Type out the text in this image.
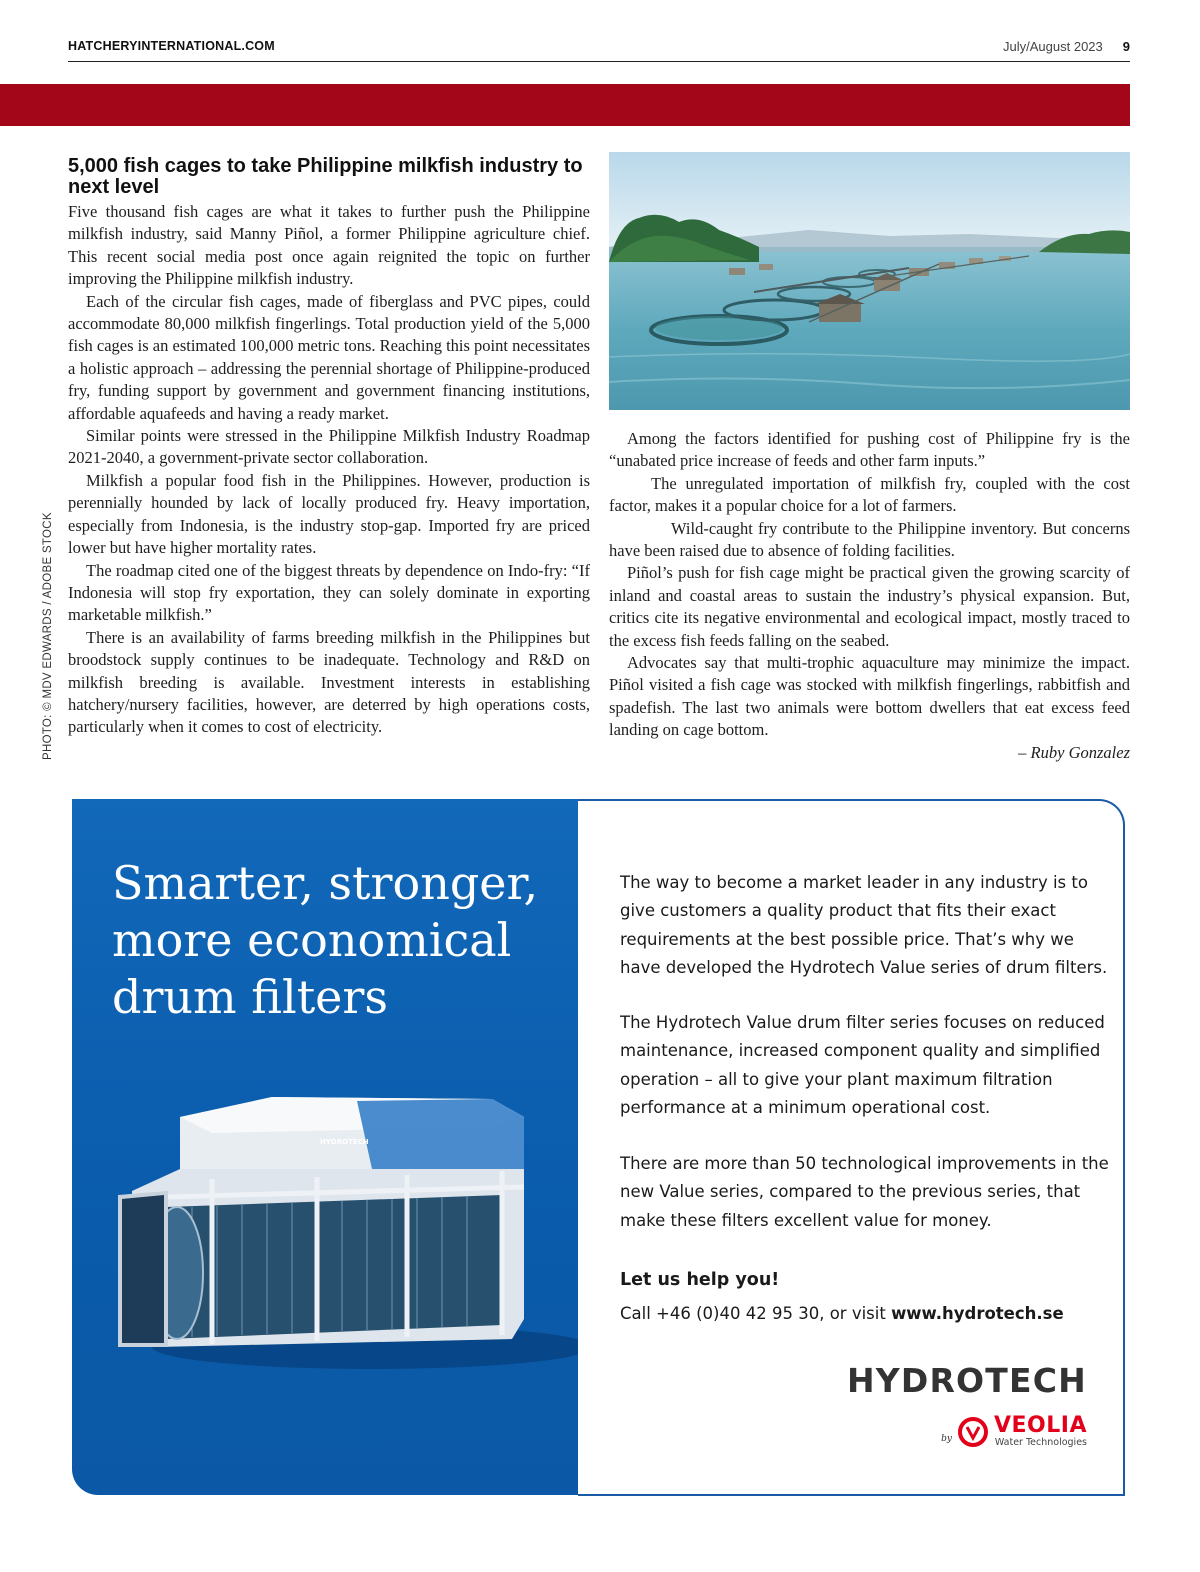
HATCHERYINTERNATIONAL.COM	July/August 2023 9
PHOTO: © MDV EDWARDS / ADOBE STOCK
5,000 fish cages to take Philippine milkfish industry to next level

Five thousand fish cages are what it takes to further push the Philippine milkfish industry, said Manny Piñol, a former Philippine agriculture chief. This recent social media post once again reignited the topic on further improving the Philippine milkfish industry.

Each of the circular fish cages, made of fiberglass and PVC pipes, could accommodate 80,000 milkfish fingerlings. Total production yield of the 5,000 fish cages is an estimated 100,000 metric tons. Reaching this point necessitates a holistic approach – addressing the perennial shortage of Philippine-produced fry, funding support by government and government financing institutions, affordable aquafeeds and having a ready market.

Similar points were stressed in the Philippine Milkfish Industry Roadmap 2021-2040, a government-private sector collaboration.

Milkfish a popular food fish in the Philippines. However, production is perennially hounded by lack of locally produced fry. Heavy importation, especially from Indonesia, is the industry stop-gap. Imported fry are priced lower but have higher mortality rates.

The roadmap cited one of the biggest threats by dependence on Indo-fry: “If Indonesia will stop fry exportation, they can solely dominate in exporting marketable milkfish.”

There is an availability of farms breeding milkfish in the Philippines but broodstock supply continues to be inadequate. Technology and R&D on milkfish breeding is available. Investment interests in establishing hatchery/nursery facilities, however, are deterred by high operations costs, particularly when it comes to cost of electricity.

Among the factors identified for pushing cost of Philippine fry is the “unabated price increase of feeds and other farm inputs.”

The unregulated importation of milkfish fry, coupled with the cost factor, makes it a popular choice for a lot of farmers.

Wild-caught fry contribute to the Philippine inventory. But concerns have been raised due to absence of folding facilities.

Piñol’s push for fish cage might be practical given the growing scarcity of inland and coastal areas to sustain the industry’s physical expansion. But, critics cite its negative environmental and ecological impact, mostly traced to the excess fish feeds falling on the seabed.

Advocates say that multi-trophic aquaculture may minimize the impact. Piñol visited a fish cage was stocked with milkfish fingerlings, rabbitfish and spadefish. The last two animals were bottom dwellers that eat excess feed landing on cage bottom.

– Ruby Gonzalez

Smarter, stronger,
more economical
drum filters
HYDROTECH

The way to become a market leader in any industry is to give customers a quality product that fits their exact requirements at the best possible price. That’s why we have developed the Hydrotech Value series of drum filters.

The Hydrotech Value drum filter series focuses on reduced maintenance, increased component quality and simplified operation – all to give your plant maximum filtration performance at a minimum operational cost.

There are more than 50 technological improvements in the new Value series, compared to the previous series, that make these filters excellent value for money.

Let us help you!

Call +46 (0)40 42 95 30, or visit www.hydrotech.se

HYDROTECH
by
VEOLIA
Water Technologies
